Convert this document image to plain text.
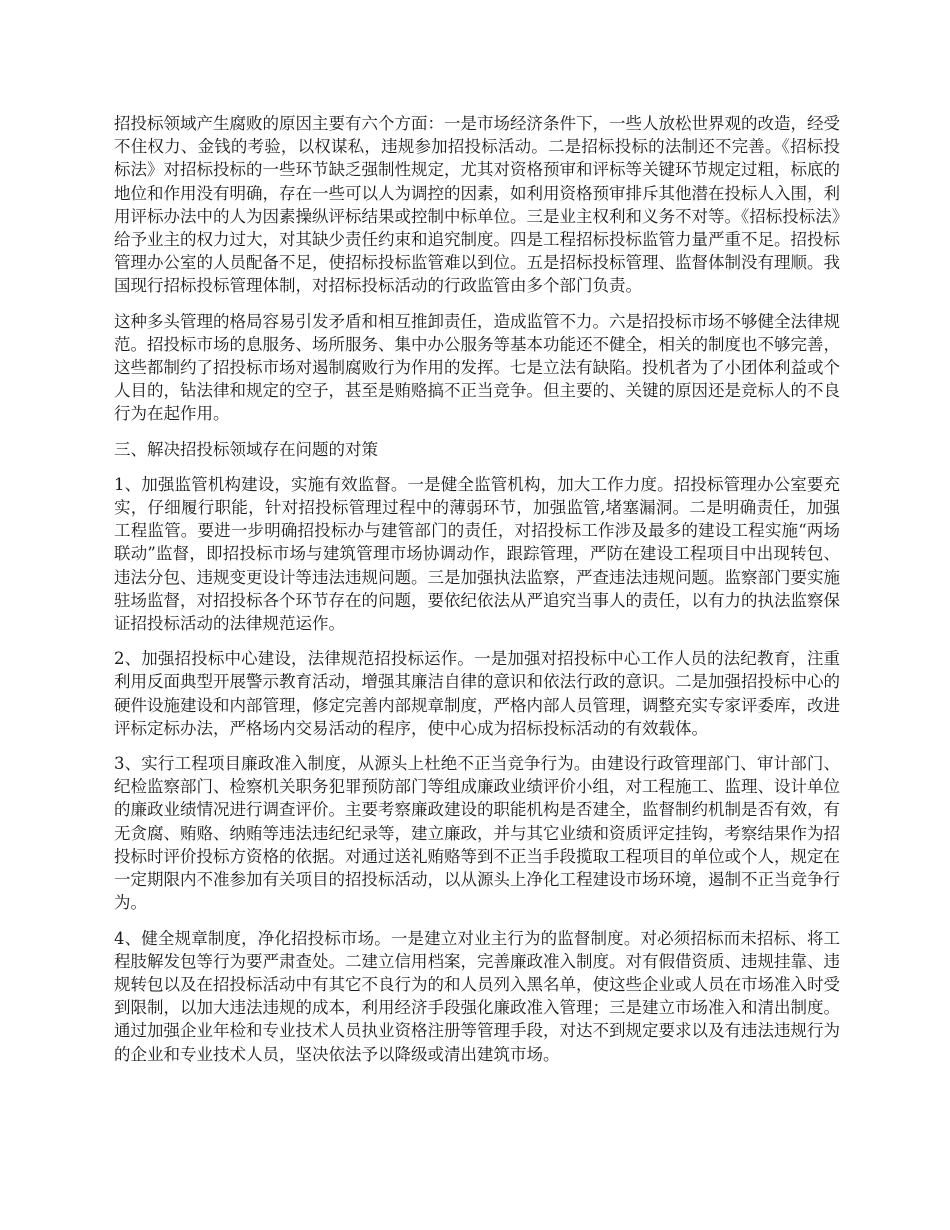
招投标领域产生腐败的原因主要有六个方面：一是市场经济条件下，一些人放松世界观的改造，经受不住权力、金钱的考验，以权谋私，违规参加招投标活动。二是招标投标的法制还不完善。《招标投标法》对招标投标的一些环节缺乏强制性规定，尤其对资格预审和评标等关键环节规定过粗，标底的地位和作用没有明确，存在一些可以人为调控的因素，如利用资格预审排斥其他潜在投标人入围，利用评标办法中的人为因素操纵评标结果或控制中标单位。三是业主权利和义务不对等。《招标投标法》给予业主的权力过大，对其缺少责任约束和追究制度。四是工程招标投标监管力量严重不足。招投标管理办公室的人员配备不足，使招标投标监管难以到位。五是招标投标管理、监督体制没有理顺。我国现行招标投标管理体制，对招标投标活动的行政监管由多个部门负责。

这种多头管理的格局容易引发矛盾和相互推卸责任，造成监管不力。六是招投标市场不够健全法律规范。招投标市场的息服务、场所服务、集中办公服务等基本功能还不健全，相关的制度也不够完善，这些都制约了招投标市场对遏制腐败行为作用的发挥。七是立法有缺陷。投机者为了小团体利益或个人目的，钻法律和规定的空子，甚至是贿赂搞不正当竞争。但主要的、关键的原因还是竞标人的不良行为在起作用。

三、解决招投标领域存在问题的对策

1、加强监管机构建设，实施有效监督。一是健全监管机构，加大工作力度。招投标管理办公室要充实，仔细履行职能，针对招投标管理过程中的薄弱环节，加强监管,堵塞漏洞。二是明确责任，加强工程监管。要进一步明确招投标办与建管部门的责任，对招投标工作涉及最多的建设工程实施“两场联动”监督，即招投标市场与建筑管理市场协调动作，跟踪管理，严防在建设工程项目中出现转包、违法分包、违规变更设计等违法违规问题。三是加强执法监察，严查违法违规问题。监察部门要实施驻场监督，对招投标各个环节存在的问题，要依纪依法从严追究当事人的责任，以有力的执法监察保证招投标活动的法律规范运作。

2、加强招投标中心建设，法律规范招投标运作。一是加强对招投标中心工作人员的法纪教育，注重利用反面典型开展警示教育活动，增强其廉洁自律的意识和依法行政的意识。二是加强招投标中心的硬件设施建设和内部管理，修定完善内部规章制度，严格内部人员管理，调整充实专家评委库，改进评标定标办法，严格场内交易活动的程序，使中心成为招标投标活动的有效载体。

3、实行工程项目廉政准入制度，从源头上杜绝不正当竞争行为。由建设行政管理部门、审计部门、纪检监察部门、检察机关职务犯罪预防部门等组成廉政业绩评价小组，对工程施工、监理、设计单位的廉政业绩情况进行调查评价。主要考察廉政建设的职能机构是否建全，监督制约机制是否有效，有无贪腐、贿赂、纳贿等违法违纪纪录等，建立廉政，并与其它业绩和资质评定挂钩，考察结果作为招投标时评价投标方资格的依据。对通过送礼贿赂等到不正当手段揽取工程项目的单位或个人，规定在一定期限内不准参加有关项目的招投标活动，以从源头上净化工程建设市场环境，遏制不正当竞争行为。

4、健全规章制度，净化招投标市场。一是建立对业主行为的监督制度。对必须招标而未招标、将工程肢解发包等行为要严肃查处。二建立信用档案，完善廉政准入制度。对有假借资质、违规挂靠、违规转包以及在招投标活动中有其它不良行为的和人员列入黑名单，使这些企业或人员在市场准入时受到限制，以加大违法违规的成本，利用经济手段强化廉政准入管理；三是建立市场准入和清出制度。通过加强企业年检和专业技术人员执业资格注册等管理手段，对达不到规定要求以及有违法违规行为的企业和专业技术人员，坚决依法予以降级或清出建筑市场。
